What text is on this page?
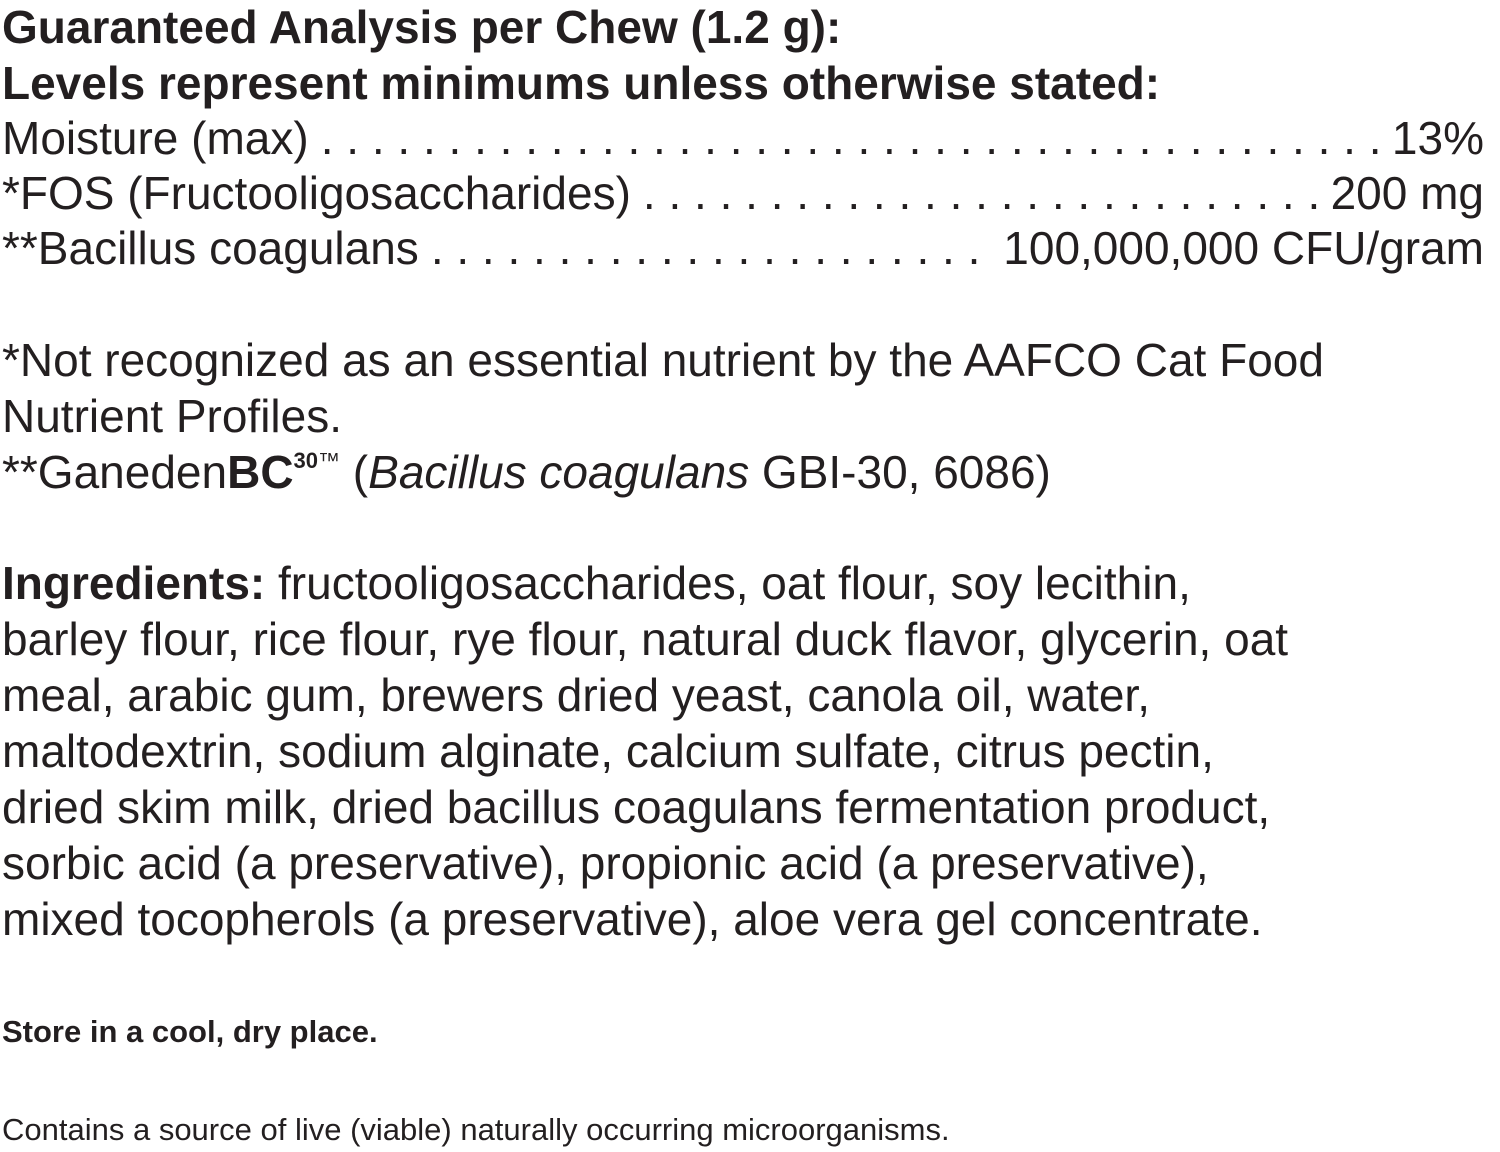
Guaranteed Analysis per Chew (1.2 g):
Levels represent minimums unless otherwise stated:
Moisture (max) . . .	13%
*FOS (Fructooligosaccharides) . . .	200 mg
**Bacillus coagulans . . .	100,000,000 CFU/gram
*Not recognized as an essential nutrient by the AAFCO Cat Food
Nutrient Profiles.
**GanedenBC$^{30™}$ (Bacillus coagulans GBI-30, 6086)
Ingredients: fructooligosaccharides, oat flour, soy lecithin,
barley flour, rice flour, rye flour, natural duck flavor, glycerin, oat
meal, arabic gum, brewers dried yeast, canola oil, water,
maltodextrin, sodium alginate, calcium sulfate, citrus pectin,
dried skim milk, dried bacillus coagulans fermentation product,
sorbic acid (a preservative), propionic acid (a preservative),
mixed tocopherols (a preservative), aloe vera gel concentrate.
Store in a cool, dry place.
Contains a source of live (viable) naturally occurring microorganisms.
